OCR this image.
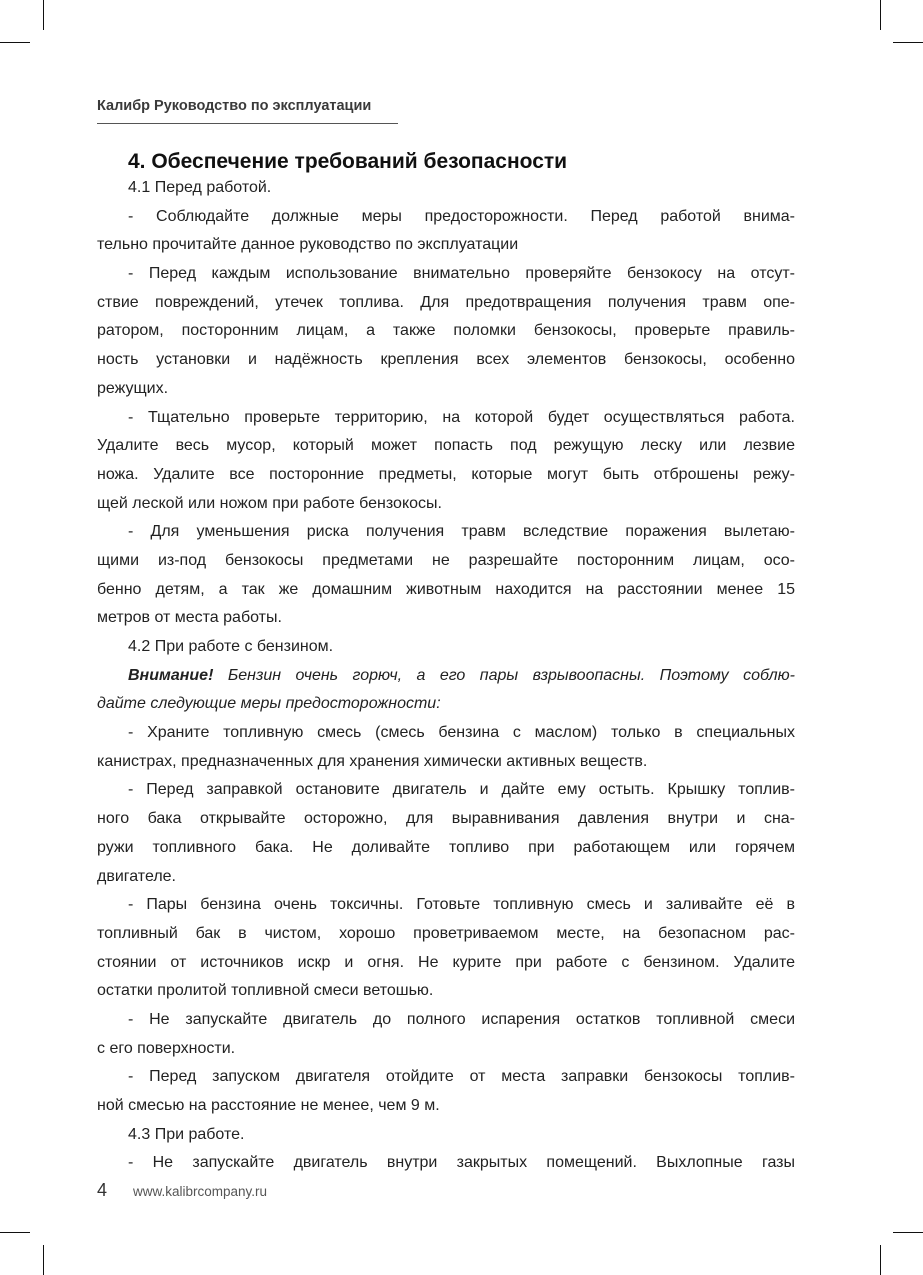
Калибр Руководство по эксплуатации
4. Обеспечение требований безопасности
4.1 Перед работой.
- Соблюдайте должные меры предосторожности. Перед работой внима-
тельно прочитайте данное руководство по эксплуатации
- Перед каждым использование внимательно проверяйте бензокосу на отсут-
ствие повреждений, утечек топлива. Для предотвращения получения травм опе-
ратором, посторонним лицам, а также поломки бензокосы, проверьте правиль-
ность установки и надёжность крепления всех элементов бензокосы, особенно
режущих.
- Тщательно проверьте территорию, на которой будет осуществляться работа.
Удалите весь мусор, который может попасть под режущую леску или лезвие
ножа. Удалите все посторонние предметы, которые могут быть отброшены режу-
щей леской или ножом при работе бензокосы.
- Для уменьшения риска получения травм вследствие поражения вылетаю-
щими из-под бензокосы предметами не разрешайте посторонним лицам, осо-
бенно детям, а так же домашним животным находится на расстоянии менее 15
метров от места работы.
4.2 При работе с бензином.
Внимание! Бензин очень горюч, а его пары взрывоопасны. Поэтому соблю-
дайте следующие меры предосторожности:
- Храните топливную смесь (смесь бензина с маслом) только в специальных
канистрах, предназначенных для хранения химически активных веществ.
- Перед заправкой остановите двигатель и дайте ему остыть. Крышку топлив-
ного бака открывайте осторожно, для выравнивания давления внутри и сна-
ружи топливного бака. Не доливайте топливо при работающем или горячем
двигателе.
- Пары бензина очень токсичны. Готовьте топливную смесь и заливайте её в
топливный бак в чистом, хорошо проветриваемом месте, на безопасном рас-
стоянии от источников искр и огня. Не курите при работе с бензином. Удалите
остатки пролитой топливной смеси ветошью.
- Не запускайте двигатель до полного испарения остатков топливной смеси
с его поверхности.
- Перед запуском двигателя отойдите от места заправки бензокосы топлив-
ной смесью на расстояние не менее, чем 9 м.
4.3 При работе.
- Не запускайте двигатель внутри закрытых помещений. Выхлопные газы
4 www.kalibrcompany.ru
